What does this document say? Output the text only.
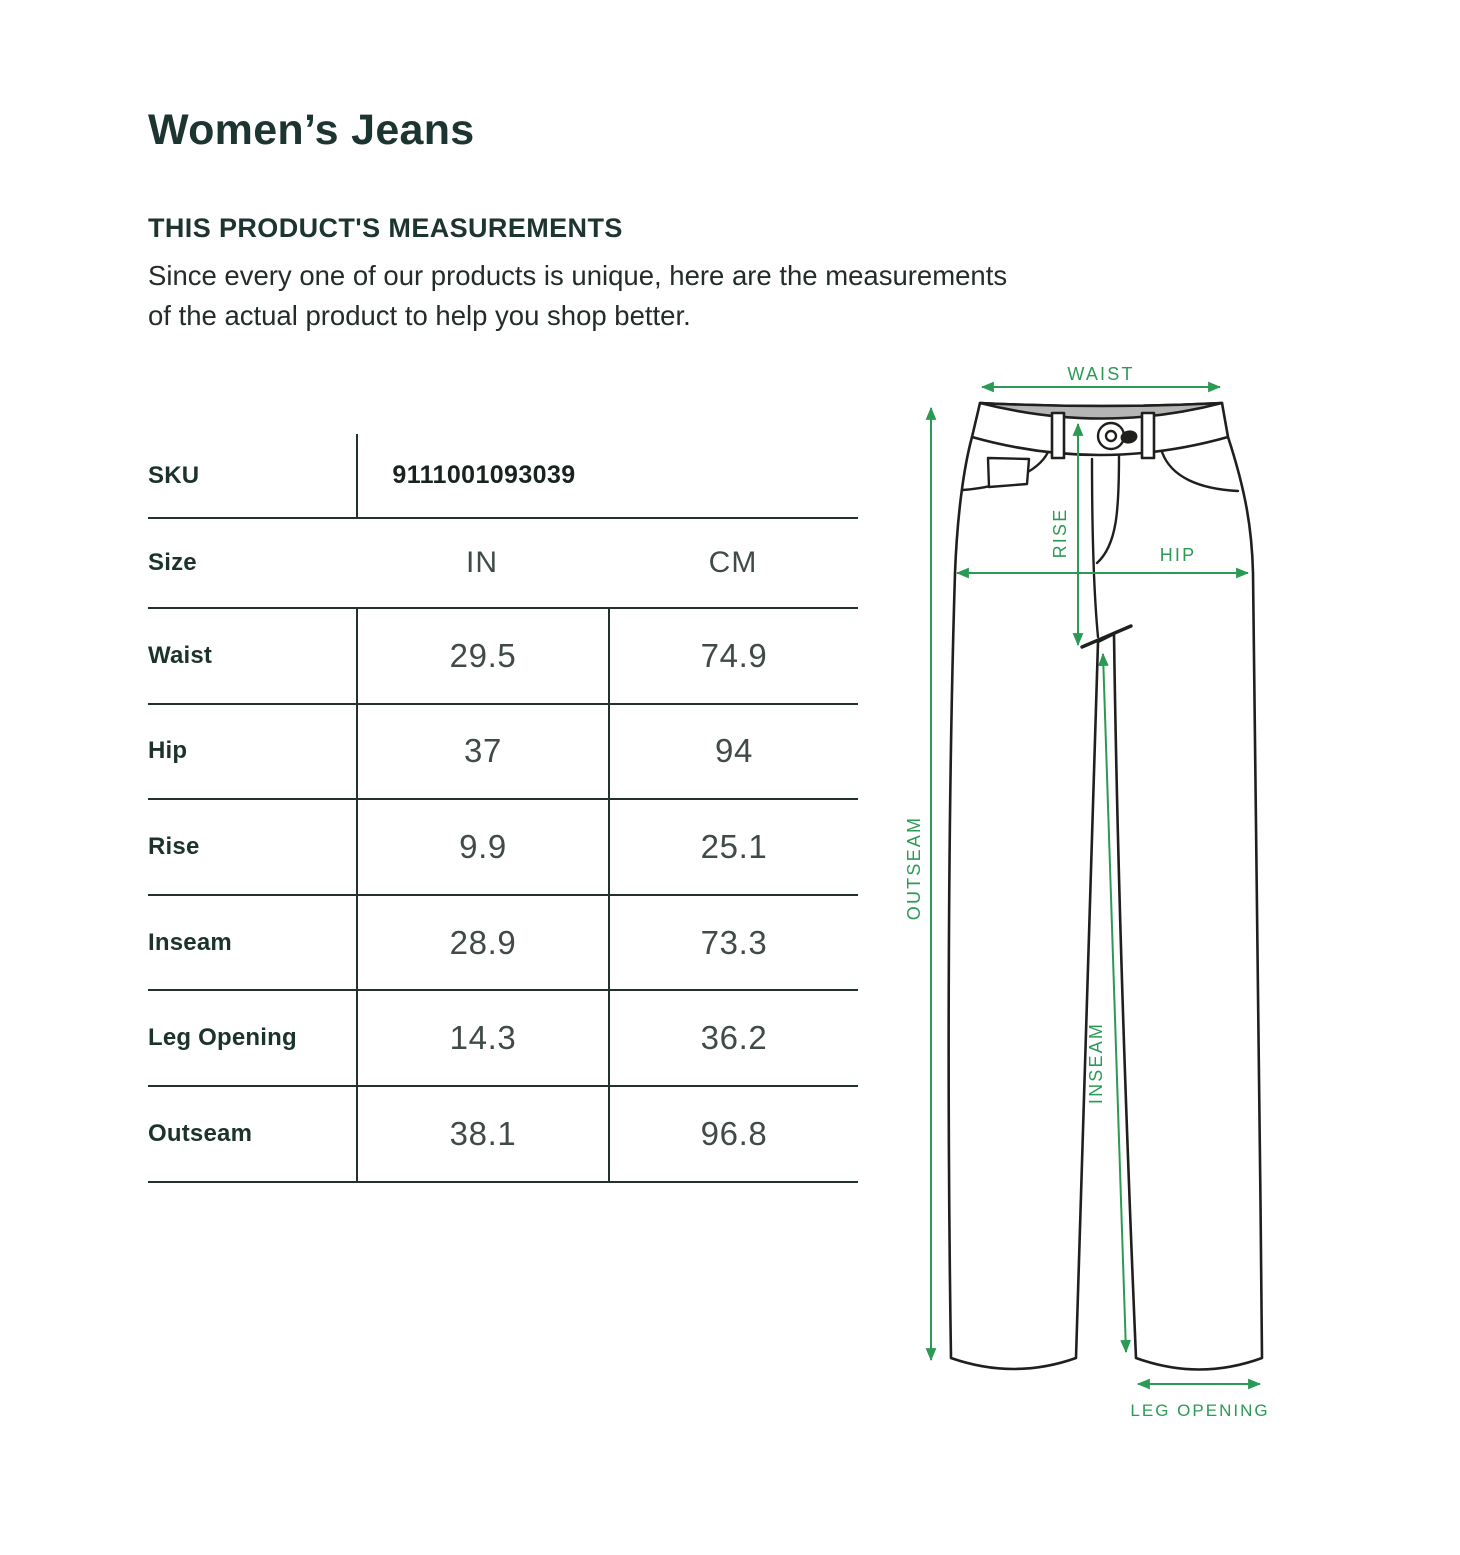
Women’s Jeans
THIS PRODUCT'S MEASUREMENTS
Since every one of our products is unique, here are the measurements
of the actual product to help you shop better.
SKU	9111001093039
Size	IN	CM
Waist	29.5	74.9
Hip	37	94
Rise	9.9	25.1
Inseam	28.9	73.3
Leg Opening	14.3	36.2
Outseam	38.1	96.8
WAIST
HIP
RISE
OUTSEAM
INSEAM
LEG OPENING
